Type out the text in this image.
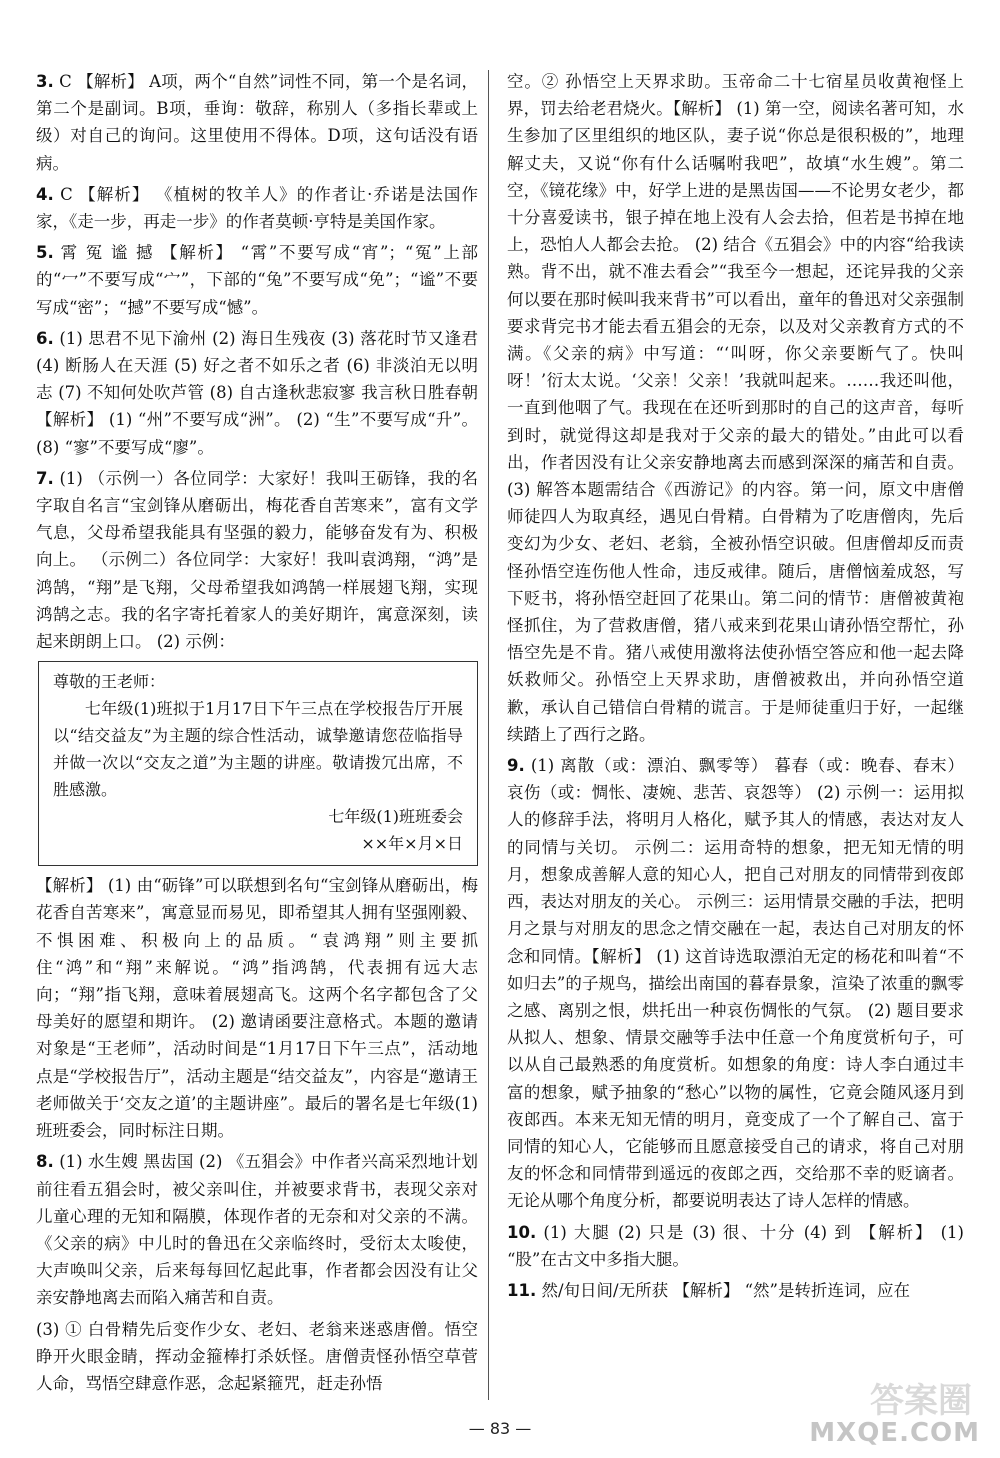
3. C 【解析】 A项，两个“自然”词性不同，第一个是名词，第二个是副词。B项，垂询：敬辞，称别人（多指长辈或上级）对自己的询问。这里使用不得体。D项，这句话没有语病。

4. C 【解析】 《植树的牧羊人》的作者让·乔诺是法国作家，《走一步，再走一步》的作者莫顿·亨特是美国作家。

5. 霄 冤 谧 撼 【解析】 “霄”不要写成“宵”；“冤”上部的“冖”不要写成“宀”，下部的“兔”不要写成“免”；“谧”不要写成“密”；“撼”不要写成“憾”。

6. (1) 思君不见下渝州 (2) 海日生残夜 (3) 落花时节又逢君 (4) 断肠人在天涯 (5) 好之者不如乐之者 (6) 非淡泊无以明志 (7) 不知何处吹芦管 (8) 自古逢秋悲寂寥 我言秋日胜春朝 【解析】 (1) “州”不要写成“洲”。 (2) “生”不要写成“升”。 (8) “寥”不要写成“廖”。

7. (1) （示例一）各位同学：大家好！我叫王砺锋，我的名字取自名言“宝剑锋从磨砺出，梅花香自苦寒来”，富有文学气息，父母希望我能具有坚强的毅力，能够奋发有为、积极向上。 （示例二）各位同学：大家好！我叫袁鸿翔，“鸿”是鸿鹄，“翔”是飞翔，父母希望我如鸿鹄一样展翅飞翔，实现鸿鹄之志。我的名字寄托着家人的美好期许，寓意深刻，读起来朗朗上口。 (2) 示例：

尊敬的王老师：

七年级(1)班拟于1月17日下午三点在学校报告厅开展以“结交益友”为主题的综合性活动，诚挚邀请您莅临指导并做一次以“交友之道”为主题的讲座。敬请拨冗出席，不胜感激。

七年级(1)班班委会

××年×月×日

【解析】 (1) 由“砺锋”可以联想到名句“宝剑锋从磨砺出，梅花香自苦寒来”，寓意显而易见，即希望其人拥有坚强刚毅、不惧困难、积极向上的品质。“袁鸿翔”则主要抓住“鸿”和“翔”来解说。“鸿”指鸿鹄，代表拥有远大志向；“翔”指飞翔，意味着展翅高飞。这两个名字都包含了父母美好的愿望和期许。 (2) 邀请函要注意格式。本题的邀请对象是“王老师”，活动时间是“1月17日下午三点”，活动地点是“学校报告厅”，活动主题是“结交益友”，内容是“邀请王老师做关于‘交友之道’的主题讲座”。最后的署名是七年级(1)班班委会，同时标注日期。

8. (1) 水生嫂 黑齿国 (2) 《五猖会》中作者兴高采烈地计划前往看五猖会时，被父亲叫住，并被要求背书，表现父亲对儿童心理的无知和隔膜，体现作者的无奈和对父亲的不满。《父亲的病》中儿时的鲁迅在父亲临终时，受衍太太唆使，大声唤叫父亲，后来每每回忆起此事，作者都会因没有让父亲安静地离去而陷入痛苦和自责。

(3) ① 白骨精先后变作少女、老妇、老翁来迷惑唐僧。悟空睁开火眼金睛，挥动金箍棒打杀妖怪。唐僧责怪孙悟空草菅人命，骂悟空肆意作恶，念起紧箍咒，赶走孙悟

空。② 孙悟空上天界求助。玉帝命二十七宿星员收黄袍怪上界，罚去给老君烧火。【解析】 (1) 第一空，阅读名著可知，水生参加了区里组织的地区队，妻子说“你总是很积极的”，地理解丈夫，又说“你有什么话嘱咐我吧”，故填“水生嫂”。第二空，《镜花缘》中，好学上进的是黑齿国——不论男女老少，都十分喜爱读书，银子掉在地上没有人会去拾，但若是书掉在地上，恐怕人人都会去抢。 (2) 结合《五猖会》中的内容“给我读熟。背不出，就不准去看会”“我至今一想起，还诧异我的父亲何以要在那时候叫我来背书”可以看出，童年的鲁迅对父亲强制要求背完书才能去看五猖会的无奈，以及对父亲教育方式的不满。《父亲的病》中写道：“‘叫呀，你父亲要断气了。快叫呀！’衍太太说。‘父亲！父亲！’我就叫起来。……我还叫他，一直到他咽了气。我现在在还听到那时的自己的这声音，每听到时，就觉得这却是我对于父亲的最大的错处。”由此可以看出，作者因没有让父亲安静地离去而感到深深的痛苦和自责。 (3) 解答本题需结合《西游记》的内容。第一问，原文中唐僧师徒四人为取真经，遇见白骨精。白骨精为了吃唐僧肉，先后变幻为少女、老妇、老翁，全被孙悟空识破。但唐僧却反而责怪孙悟空连伤他人性命，违反戒律。随后，唐僧恼羞成怒，写下贬书，将孙悟空赶回了花果山。第二问的情节：唐僧被黄袍怪抓住，为了营救唐僧，猪八戒来到花果山请孙悟空帮忙，孙悟空先是不肯。猪八戒使用激将法使孙悟空答应和他一起去降妖救师父。孙悟空上天界求助，唐僧被救出，并向孙悟空道歉，承认自己错信白骨精的谎言。于是师徒重归于好，一起继续踏上了西行之路。

9. (1) 离散（或：漂泊、飘零等） 暮春（或：晚春、春末） 哀伤（或：惆怅、凄婉、悲苦、哀怨等） (2) 示例一：运用拟人的修辞手法，将明月人格化，赋予其人的情感，表达对友人的同情与关切。 示例二：运用奇特的想象，把无知无情的明月，想象成善解人意的知心人，把自己对朋友的同情带到夜郎西，表达对朋友的关心。 示例三：运用情景交融的手法，把明月之景与对朋友的思念之情交融在一起，表达自己对朋友的怀念和同情。【解析】 (1) 这首诗选取漂泊无定的杨花和叫着“不如归去”的子规鸟，描绘出南国的暮春景象，渲染了浓重的飘零之感、离别之恨，烘托出一种哀伤惆怅的气氛。 (2) 题目要求从拟人、想象、情景交融等手法中任意一个角度赏析句子，可以从自己最熟悉的角度赏析。如想象的角度：诗人李白通过丰富的想象，赋予抽象的“愁心”以物的属性，它竟会随风逐月到夜郎西。本来无知无情的明月，竟变成了一个了解自己、富于同情的知心人，它能够而且愿意接受自己的请求，将自己对朋友的怀念和同情带到遥远的夜郎之西，交给那不幸的贬谪者。无论从哪个角度分析，都要说明表达了诗人怎样的情感。

10. (1) 大腿 (2) 只是 (3) 很、十分 (4) 到 【解析】 (1) “股”在古文中多指大腿。

11. 然/旬日间/无所获 【解析】 “然”是转折连词，应在

— 83 —
答案圈
MXQE.COM
